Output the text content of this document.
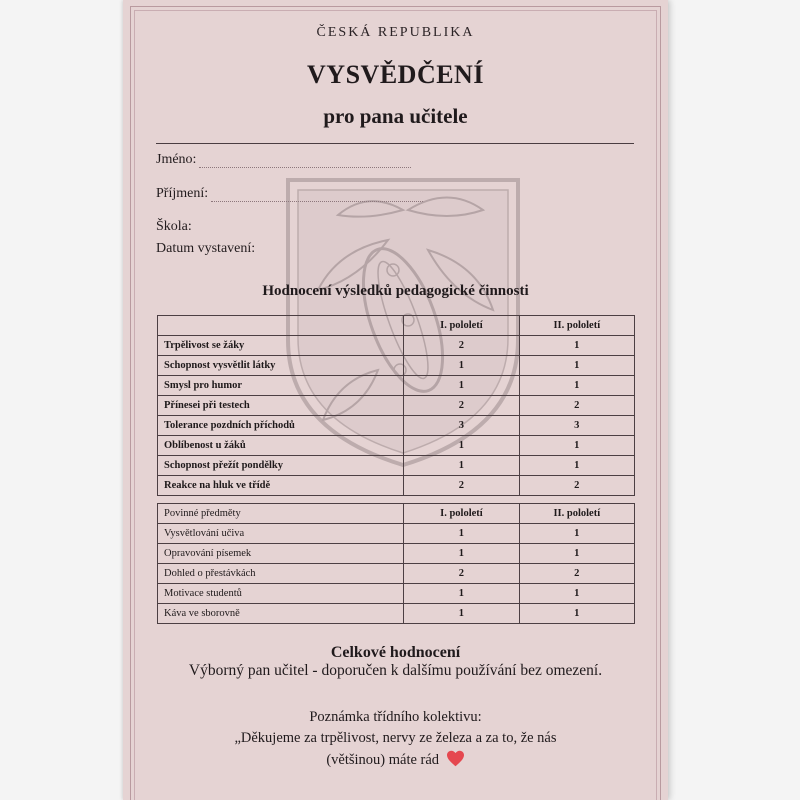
ČESKÁ REPUBLIKA
VYSVĚDČENÍ
pro pana učitele
Jméno:
Příjmení:
Škola:
Datum vystavení:
Hodnocení výsledků pedagogické činnosti
	I. pololetí	II. pololetí
Trpělivost se žáky	2	1
Schopnost vysvětlit látky	1	1
Smysl pro humor	1	1
Přínesei při testech	2	2
Tolerance pozdních příchodů	3	3
Oblíbenost u žáků	1	1
Schopnost přežít pondělky	1	1
Reakce na hluk ve třídě	2	2
Povinné předměty	I. pololetí	II. pololetí
Vysvětlování učiva	1	1
Opravování písemek	1	1
Dohled o přestávkách	2	2
Motivace studentů	1	1
Káva ve sborovně	1	1
Celkové hodnocení
Výborný pan učitel - doporučen k dalšímu používání bez omezení.
Poznámka třídního kolektivu:
„Děkujeme za trpělivost, nervy ze železa a za to, že nás
(většinou) máte rád
